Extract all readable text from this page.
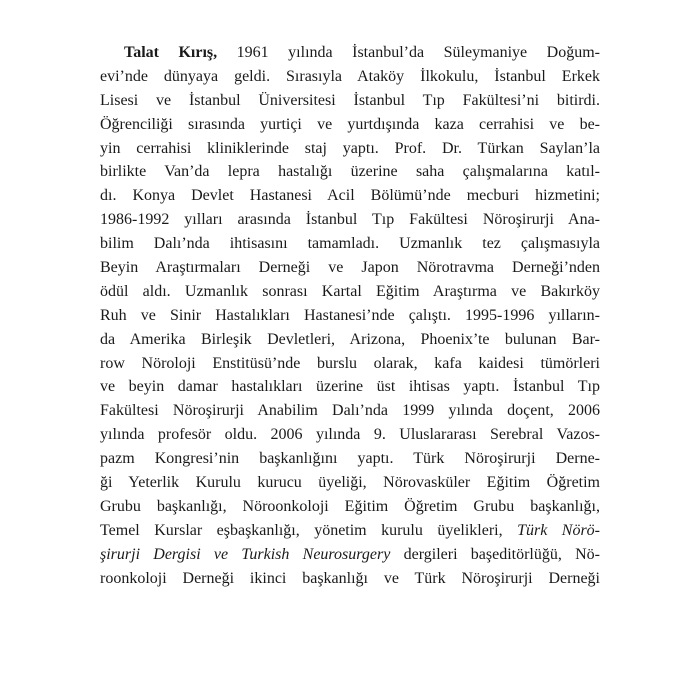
Talat Kırış, 1961 yılında İstanbul’da Süleymaniye Doğum-
evi’nde dünyaya geldi. Sırasıyla Ataköy İlkokulu, İstanbul Erkek
Lisesi ve İstanbul Üniversitesi İstanbul Tıp Fakültesi’ni bitirdi.
Öğrenciliği sırasında yurtiçi ve yurtdışında kaza cerrahisi ve be-
yin cerrahisi kliniklerinde staj yaptı. Prof. Dr. Türkan Saylan’la
birlikte Van’da lepra hastalığı üzerine saha çalışmalarına katıl-
dı. Konya Devlet Hastanesi Acil Bölümü’nde mecburi hizmetini;
1986-1992 yılları arasında İstanbul Tıp Fakültesi Nöroşirurji Ana-
bilim Dalı’nda ihtisasını tamamladı. Uzmanlık tez çalışmasıyla
Beyin Araştırmaları Derneği ve Japon Nörotravma Derneği’nden
ödül aldı. Uzmanlık sonrası Kartal Eğitim Araştırma ve Bakırköy
Ruh ve Sinir Hastalıkları Hastanesi’nde çalıştı. 1995-1996 yılların-
da Amerika Birleşik Devletleri, Arizona, Phoenix’te bulunan Bar-
row Nöroloji Enstitüsü’nde burslu olarak, kafa kaidesi tümörleri
ve beyin damar hastalıkları üzerine üst ihtisas yaptı. İstanbul Tıp
Fakültesi Nöroşirurji Anabilim Dalı’nda 1999 yılında doçent, 2006
yılında profesör oldu. 2006 yılında 9. Uluslararası Serebral Vazos-
pazm Kongresi’nin başkanlığını yaptı. Türk Nöroşirurji Derne-
ği Yeterlik Kurulu kurucu üyeliği, Nörovasküler Eğitim Öğretim
Grubu başkanlığı, Nöroonkoloji Eğitim Öğretim Grubu başkanlığı,
Temel Kurslar eşbaşkanlığı, yönetim kurulu üyelikleri, Türk Nörö-
şirurji Dergisi ve Turkish Neurosurgery dergileri başeditörlüğü, Nö-
roonkoloji Derneği ikinci başkanlığı ve Türk Nöroşirurji Derneği
